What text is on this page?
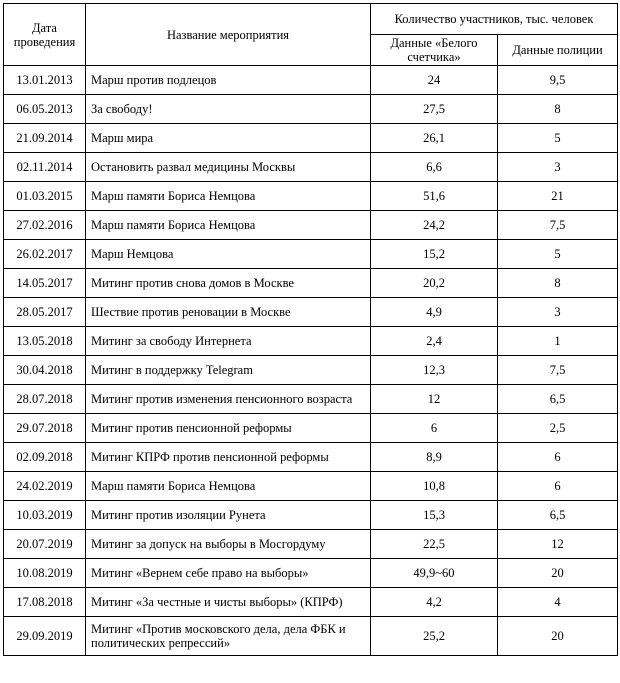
Дата проведения	Название мероприятия	Количество участников, тыс. человек	
		Данные «Белого счетчика»	Данные полиции
13.01.2013	Марш против подлецов	24	9,5
06.05.2013	За свободу!	27,5	8
21.09.2014	Марш мира	26,1	5
02.11.2014	Остановить развал медицины Москвы	6,6	3
01.03.2015	Марш памяти Бориса Немцова	51,6	21
27.02.2016	Марш памяти Бориса Немцова	24,2	7,5
26.02.2017	Марш Немцова	15,2	5
14.05.2017	Митинг против снова домов в Москве	20,2	8
28.05.2017	Шествие против реновации в Москве	4,9	3
13.05.2018	Митинг за свободу Интернета	2,4	1
30.04.2018	Митинг в поддержку Telegram	12,3	7,5
28.07.2018	Митинг против изменения пенсионного возраста	12	6,5
29.07.2018	Митинг против пенсионной реформы	6	2,5
02.09.2018	Митинг КПРФ против пенсионной реформы	8,9	6
24.02.2019	Марш памяти Бориса Немцова	10,8	6
10.03.2019	Митинг против изоляции Рунета	15,3	6,5
20.07.2019	Митинг за допуск на выборы в Мосгордуму	22,5	12
10.08.2019	Митинг «Вернем себе право на выборы»	49,9~60	20
17.08.2018	Митинг «За честные и чисты выборы» (КПРФ)	4,2	4
29.09.2019	Митинг «Против московского дела, дела ФБК и политических репрессий»	25,2	20
